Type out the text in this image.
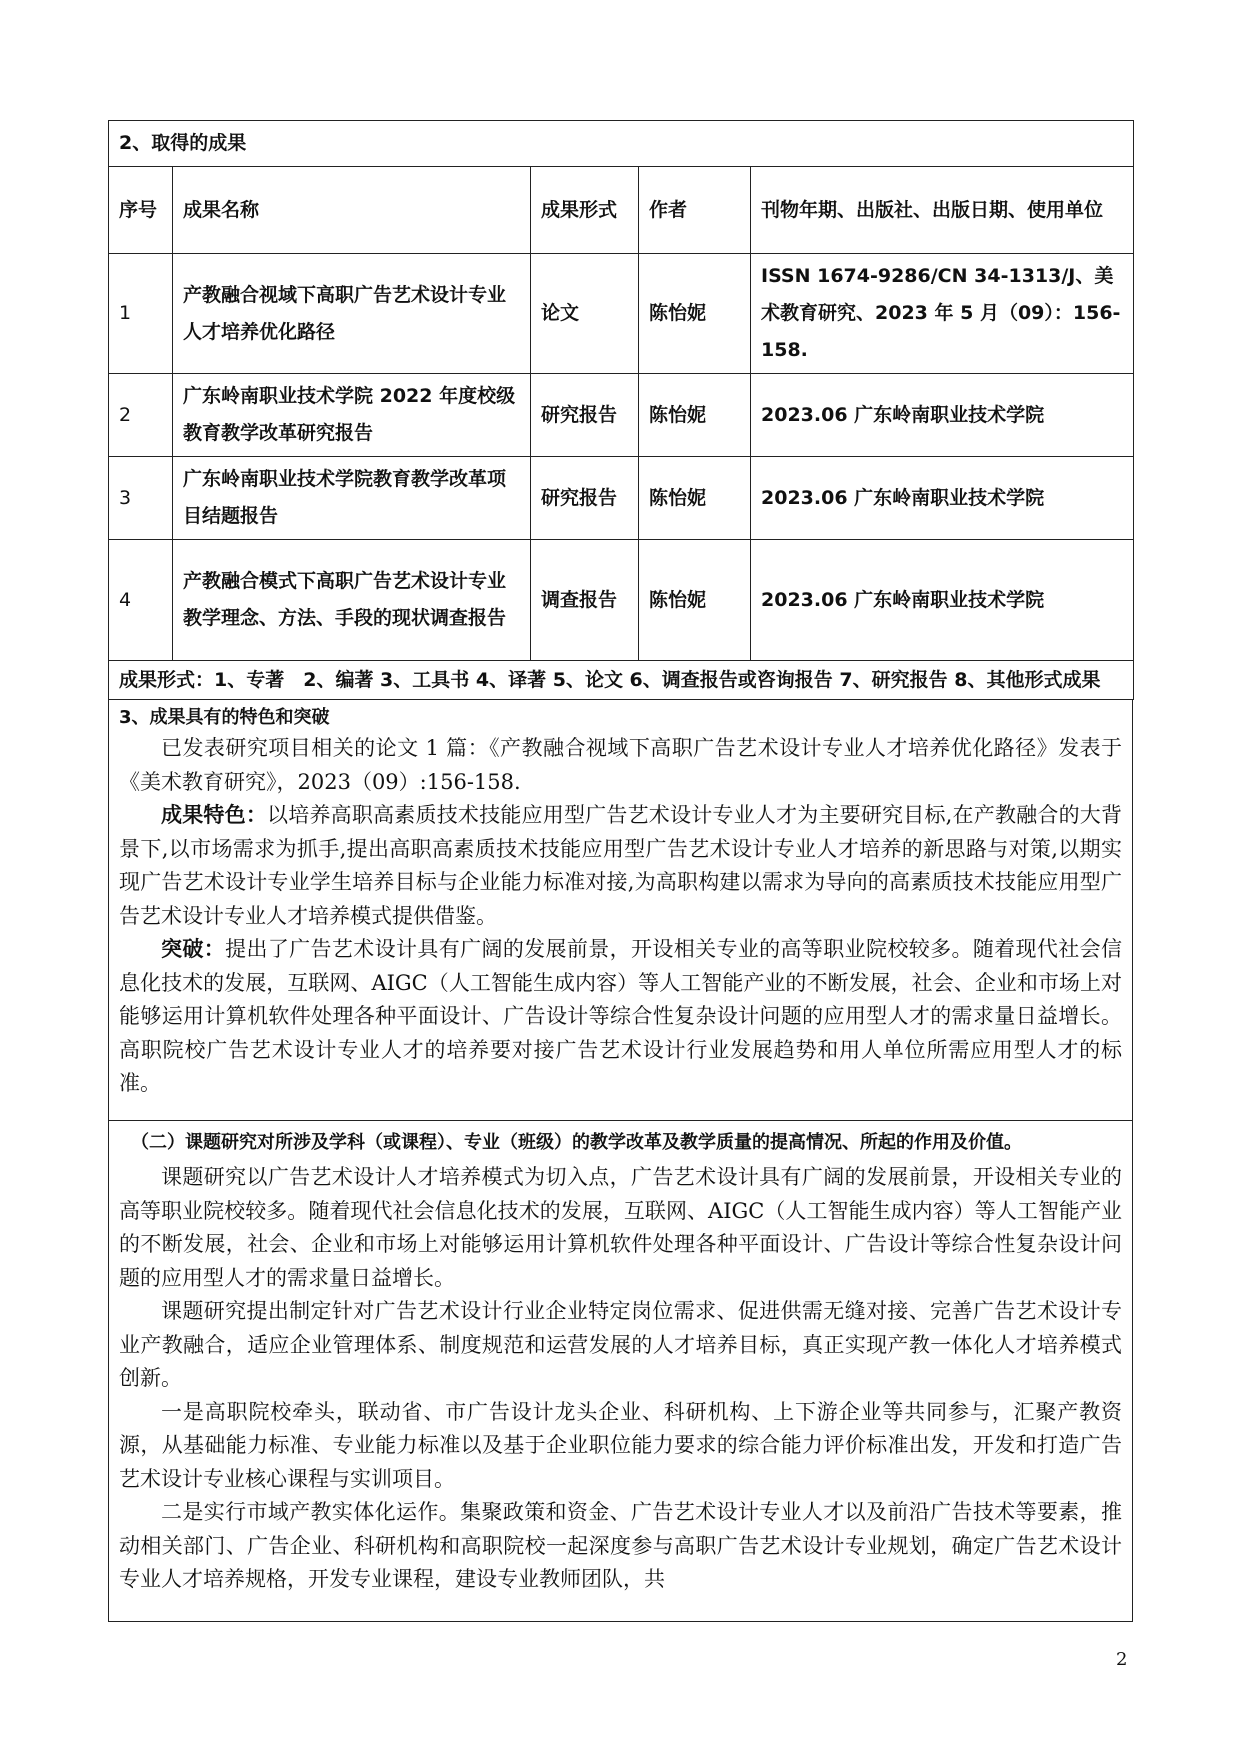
2、取得的成果				
序号	成果名称	成果形式	作者	刊物年期、出版社、出版日期、使用单位
1	产教融合视域下高职广告艺术设计专业人才培养优化路径	论文	陈怡妮	ISSN 1674-9286/CN 34-1313/J、美术教育研究、2023 年 5 月（09）：156-158.
2	广东岭南职业技术学院 2022 年度校级教育教学改革研究报告	研究报告	陈怡妮	2023.06 广东岭南职业技术学院
3	广东岭南职业技术学院教育教学改革项目结题报告	研究报告	陈怡妮	2023.06 广东岭南职业技术学院
4	产教融合模式下高职广告艺术设计专业教学理念、方法、手段的现状调查报告	调查报告	陈怡妮	2023.06 广东岭南职业技术学院
成果形式：1、专著　2、编著 3、工具书 4、译著 5、论文 6、调查报告或咨询报告 7、研究报告 8、其他形式成果				
3、成果具有的特色和突破

已发表研究项目相关的论文 1 篇：《产教融合视域下高职广告艺术设计专业人才培养优化路径》发表于《美术教育研究》，2023（09）:156-158.

成果特色：以培养高职高素质技术技能应用型广告艺术设计专业人才为主要研究目标,在产教融合的大背景下,以市场需求为抓手,提出高职高素质技术技能应用型广告艺术设计专业人才培养的新思路与对策,以期实现广告艺术设计专业学生培养目标与企业能力标准对接,为高职构建以需求为导向的高素质技术技能应用型广告艺术设计专业人才培养模式提供借鉴。

突破：提出了广告艺术设计具有广阔的发展前景，开设相关专业的高等职业院校较多。随着现代社会信息化技术的发展，互联网、AIGC（人工智能生成内容）等人工智能产业的不断发展，社会、企业和市场上对能够运用计算机软件处理各种平面设计、广告设计等综合性复杂设计问题的应用型人才的需求量日益增长。高职院校广告艺术设计专业人才的培养要对接广告艺术设计行业发展趋势和用人单位所需应用型人才的标准。

（二）课题研究对所涉及学科（或课程）、专业（班级）的教学改革及教学质量的提高情况、所起的作用及价值。

课题研究以广告艺术设计人才培养模式为切入点，广告艺术设计具有广阔的发展前景，开设相关专业的高等职业院校较多。随着现代社会信息化技术的发展，互联网、AIGC（人工智能生成内容）等人工智能产业的不断发展，社会、企业和市场上对能够运用计算机软件处理各种平面设计、广告设计等综合性复杂设计问题的应用型人才的需求量日益增长。

课题研究提出制定针对广告艺术设计行业企业特定岗位需求、促进供需无缝对接、完善广告艺术设计专业产教融合，适应企业管理体系、制度规范和运营发展的人才培养目标，真正实现产教一体化人才培养模式创新。

一是高职院校牵头，联动省、市广告设计龙头企业、科研机构、上下游企业等共同参与，汇聚产教资源，从基础能力标准、专业能力标准以及基于企业职位能力要求的综合能力评价标准出发，开发和打造广告艺术设计专业核心课程与实训项目。

二是实行市域产教实体化运作。集聚政策和资金、广告艺术设计专业人才以及前沿广告技术等要素，推动相关部门、广告企业、科研机构和高职院校一起深度参与高职广告艺术设计专业规划，确定广告艺术设计专业人才培养规格，开发专业课程，建设专业教师团队，共

2
